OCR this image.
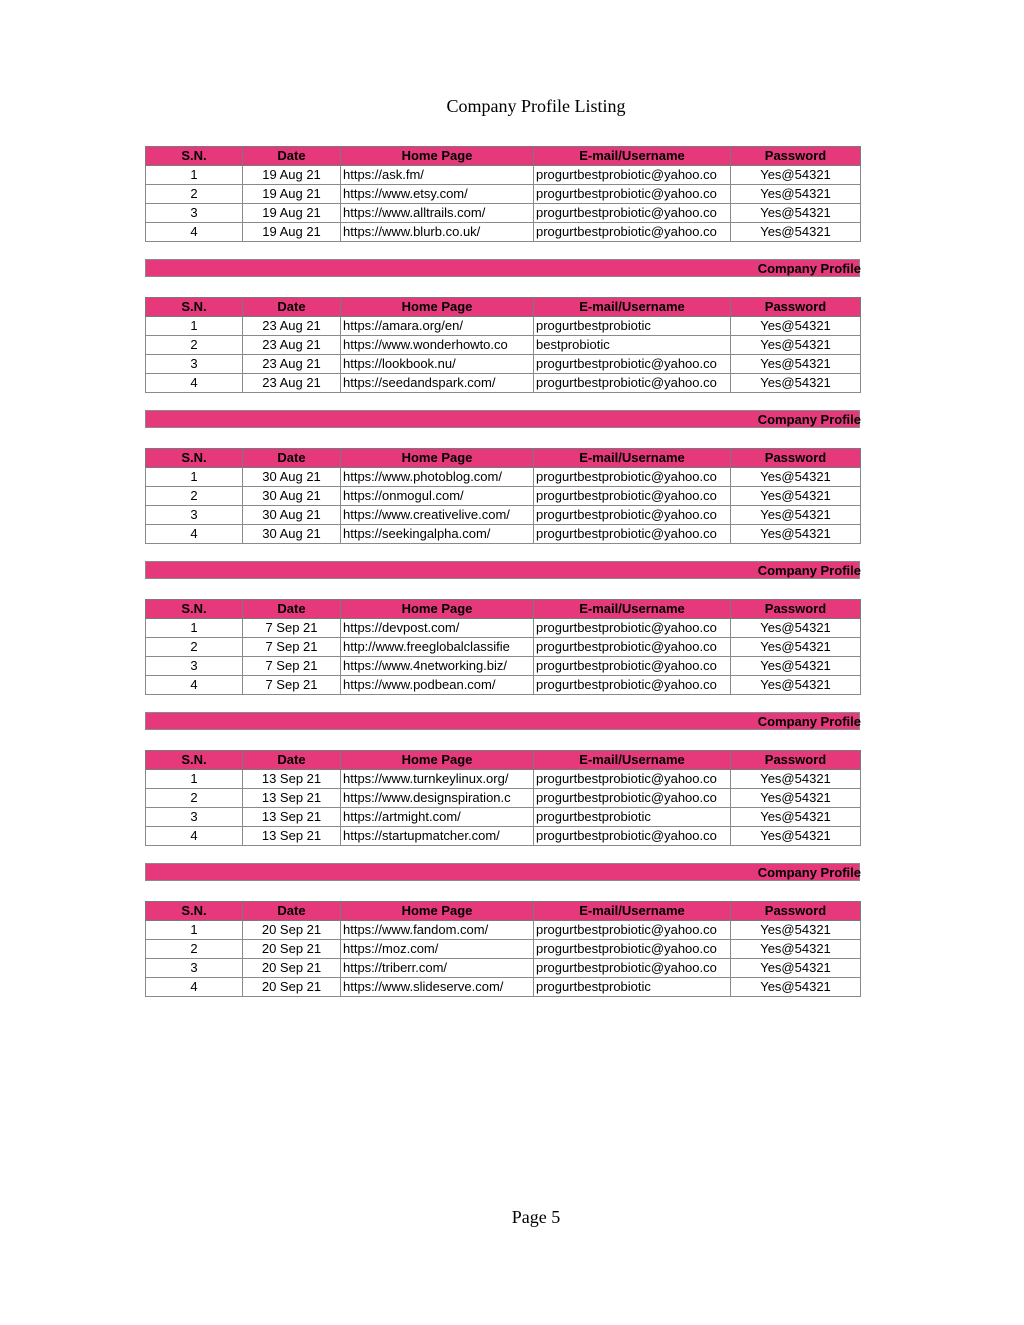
Company Profile Listing
S.N.	Date	Home Page	E-mail/Username	Password
1	19 Aug 21	https://ask.fm/	progurtbestprobiotic@yahoo.co	Yes@54321
2	19 Aug 21	https://www.etsy.com/	progurtbestprobiotic@yahoo.co	Yes@54321
3	19 Aug 21	https://www.alltrails.com/	progurtbestprobiotic@yahoo.co	Yes@54321
4	19 Aug 21	https://www.blurb.co.uk/	progurtbestprobiotic@yahoo.co	Yes@54321
Company Profile
S.N.	Date	Home Page	E-mail/Username	Password
1	23 Aug 21	https://amara.org/en/	progurtbestprobiotic	Yes@54321
2	23 Aug 21	https://www.wonderhowto.co	bestprobiotic	Yes@54321
3	23 Aug 21	https://lookbook.nu/	progurtbestprobiotic@yahoo.co	Yes@54321
4	23 Aug 21	https://seedandspark.com/	progurtbestprobiotic@yahoo.co	Yes@54321
Company Profile
S.N.	Date	Home Page	E-mail/Username	Password
1	30 Aug 21	https://www.photoblog.com/	progurtbestprobiotic@yahoo.co	Yes@54321
2	30 Aug 21	https://onmogul.com/	progurtbestprobiotic@yahoo.co	Yes@54321
3	30 Aug 21	https://www.creativelive.com/	progurtbestprobiotic@yahoo.co	Yes@54321
4	30 Aug 21	https://seekingalpha.com/	progurtbestprobiotic@yahoo.co	Yes@54321
Company Profile
S.N.	Date	Home Page	E-mail/Username	Password
1	7 Sep 21	https://devpost.com/	progurtbestprobiotic@yahoo.co	Yes@54321
2	7 Sep 21	http://www.freeglobalclassifie	progurtbestprobiotic@yahoo.co	Yes@54321
3	7 Sep 21	https://www.4networking.biz/	progurtbestprobiotic@yahoo.co	Yes@54321
4	7 Sep 21	https://www.podbean.com/	progurtbestprobiotic@yahoo.co	Yes@54321
Company Profile
S.N.	Date	Home Page	E-mail/Username	Password
1	13 Sep 21	https://www.turnkeylinux.org/	progurtbestprobiotic@yahoo.co	Yes@54321
2	13 Sep 21	https://www.designspiration.c	progurtbestprobiotic@yahoo.co	Yes@54321
3	13 Sep 21	https://artmight.com/	progurtbestprobiotic	Yes@54321
4	13 Sep 21	https://startupmatcher.com/	progurtbestprobiotic@yahoo.co	Yes@54321
Company Profile
S.N.	Date	Home Page	E-mail/Username	Password
1	20 Sep 21	https://www.fandom.com/	progurtbestprobiotic@yahoo.co	Yes@54321
2	20 Sep 21	https://moz.com/	progurtbestprobiotic@yahoo.co	Yes@54321
3	20 Sep 21	https://triberr.com/	progurtbestprobiotic@yahoo.co	Yes@54321
4	20 Sep 21	https://www.slideserve.com/	progurtbestprobiotic	Yes@54321
Page 5
